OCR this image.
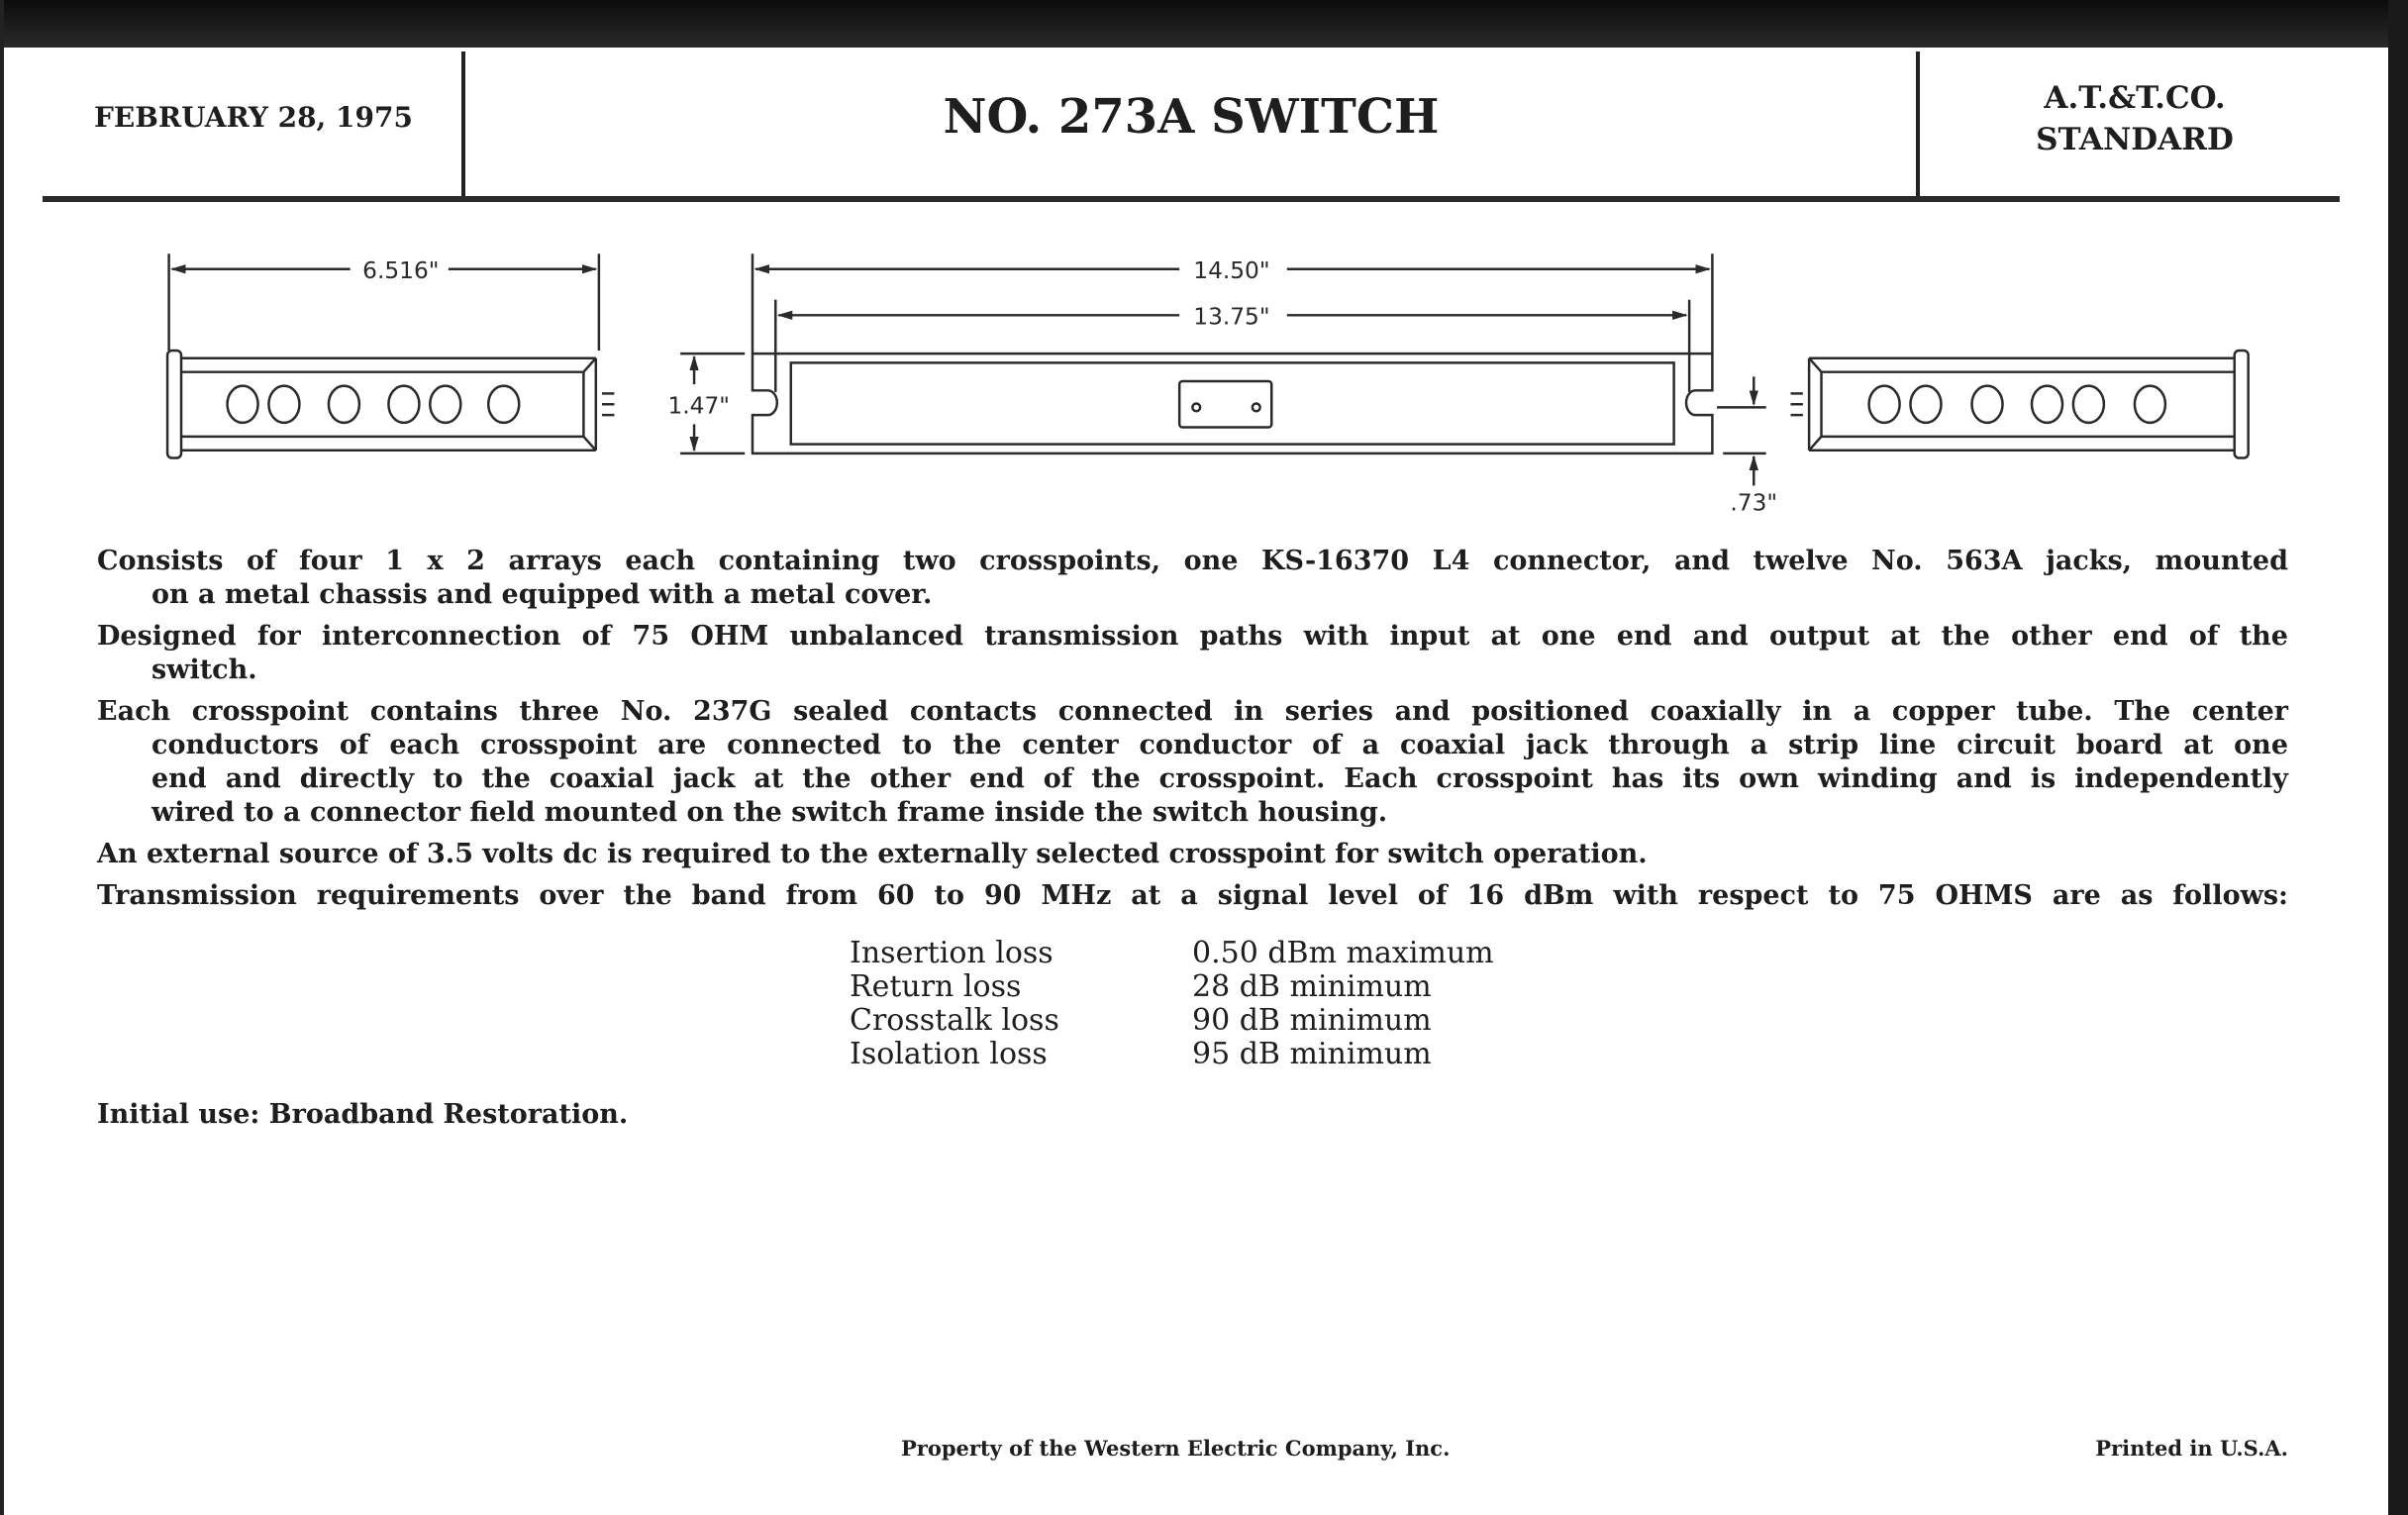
FEBRUARY 28, 1975	NO. 273A SWITCH	A.T.&T.CO.
STANDARD
6.516"	14.50"
13.75"
1.47"
.73"
Consists of four 1 x 2 arrays each containing two crosspoints, one KS-16370 L4 connector, and twelve No. 563A jacks, mounted
on a metal chassis and equipped with a metal cover.
Designed for interconnection of 75 OHM unbalanced transmission paths with input at one end and output at the other end of the
switch.
Each crosspoint contains three No. 237G sealed contacts connected in series and positioned coaxially in a copper tube. The center
conductors of each crosspoint are connected to the center conductor of a coaxial jack through a strip line circuit board at one
end and directly to the coaxial jack at the other end of the crosspoint. Each crosspoint has its own winding and is independently
wired to a connector field mounted on the switch frame inside the switch housing.
An external source of 3.5 volts dc is required to the externally selected crosspoint for switch operation.
Transmission requirements over the band from 60 to 90 MHz at a signal level of 16 dBm with respect to 75 OHMS are as follows:
Insertion loss	0.50 dBm maximum
Return loss	28 dB minimum
Crosstalk loss	90 dB minimum
Isolation loss	95 dB minimum
Initial use: Broadband Restoration.
Property of the Western Electric Company, Inc.	Printed in U.S.A.
